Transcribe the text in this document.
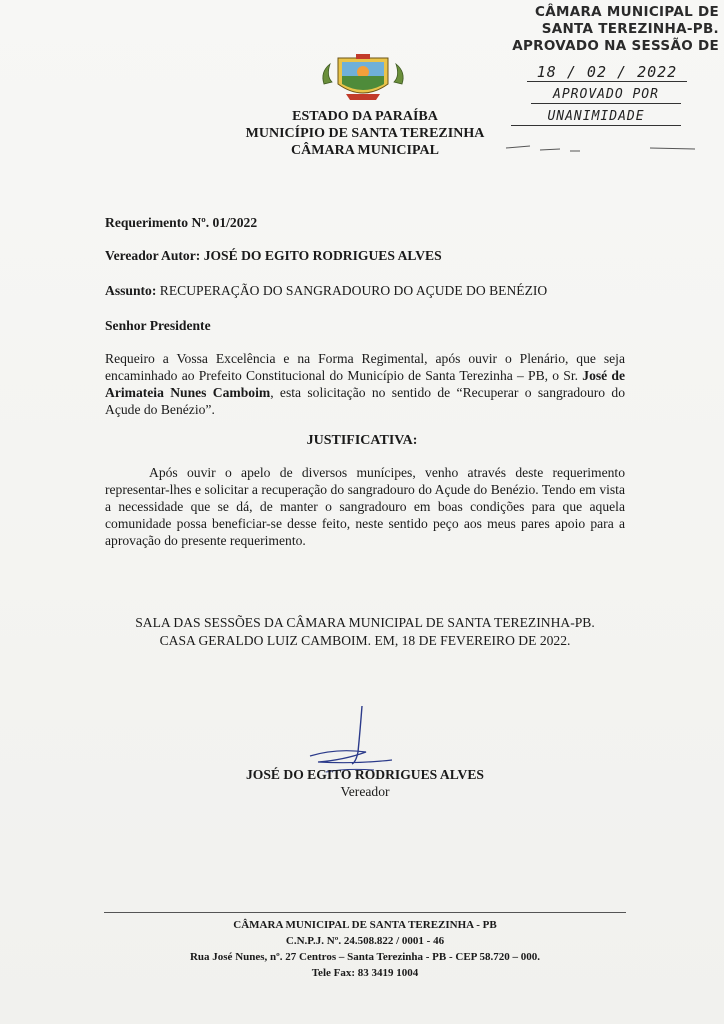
CÂMARA MUNICIPAL DE
SANTA TEREZINHA-PB.
APROVADO NA SESSÃO DE
18 / 02 / 2022
APROVADO POR
UNANIMIDADE
ESTADO DA PARAÍBA
MUNICÍPIO DE SANTA TEREZINHA
CÂMARA MUNICIPAL
Requerimento Nº. 01/2022
Vereador Autor: JOSÉ DO EGITO RODRIGUES ALVES
Assunto: RECUPERAÇÃO DO SANGRADOURO DO AÇUDE DO BENÉZIO
Senhor Presidente
Requeiro a Vossa Excelência e na Forma Regimental, após ouvir o Plenário, que seja encaminhado ao Prefeito Constitucional do Município de Santa Terezinha – PB, o Sr. José de Arimateia Nunes Camboim, esta solicitação no sentido de “Recuperar o sangradouro do Açude do Benézio”.
JUSTIFICATIVA:
Após ouvir o apelo de diversos munícipes, venho através deste requerimento representar-lhes e solicitar a recuperação do sangradouro do Açude do Benézio. Tendo em vista a necessidade que se dá, de manter o sangradouro em boas condições para que aquela comunidade possa beneficiar-se desse feito, neste sentido peço aos meus pares apoio para a aprovação do presente requerimento.
SALA DAS SESSÕES DA CÂMARA MUNICIPAL DE SANTA TEREZINHA-PB.
CASA GERALDO LUIZ CAMBOIM. EM, 18 DE FEVEREIRO DE 2022.
JOSÉ DO EGITO RODRIGUES ALVES
Vereador
CÂMARA MUNICIPAL DE SANTA TEREZINHA - PB
C.N.P.J. Nº. 24.508.822 / 0001 - 46
Rua José Nunes, nº. 27 Centros – Santa Terezinha - PB - CEP 58.720 – 000.
Tele Fax: 83 3419 1004
